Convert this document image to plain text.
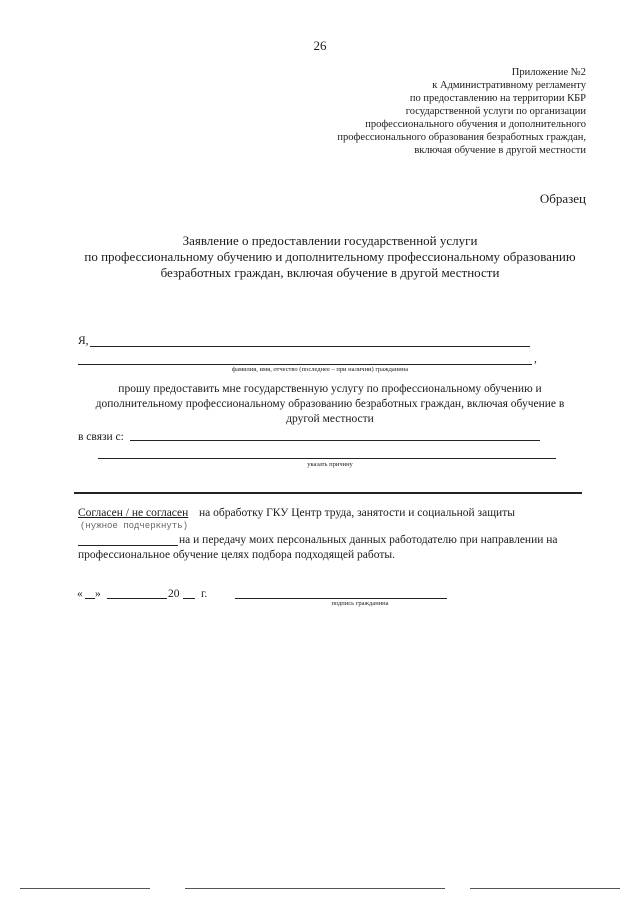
26
Приложение №2
к Административному регламенту
по предоставлению на территории КБР
государственной услуги по организации
профессионального обучения и дополнительного
профессионального образования безработных граждан,
включая обучение в другой местности
Образец
Заявление о предоставлении государственной услуги
по профессиональному обучению и дополнительному профессиональному образованию
безработных граждан, включая обучение в другой местности
Я,
,
фамилия, имя, отчество (последнее – при наличии) гражданина
прошу предоставить мне государственную услугу по профессиональному обучению и
дополнительному профессиональному образованию безработных граждан, включая обучение в
другой местности
в связи с:
указать причину
Согласен / не согласен на обработку ГКУ Центр труда, занятости и социальной защиты
(нужное подчеркнуть)
на и передачу моих персональных данных работодателю при направлении на
профессиональное обучение целях подбора подходящей работы.
« »	20 г.
подпись гражданина
